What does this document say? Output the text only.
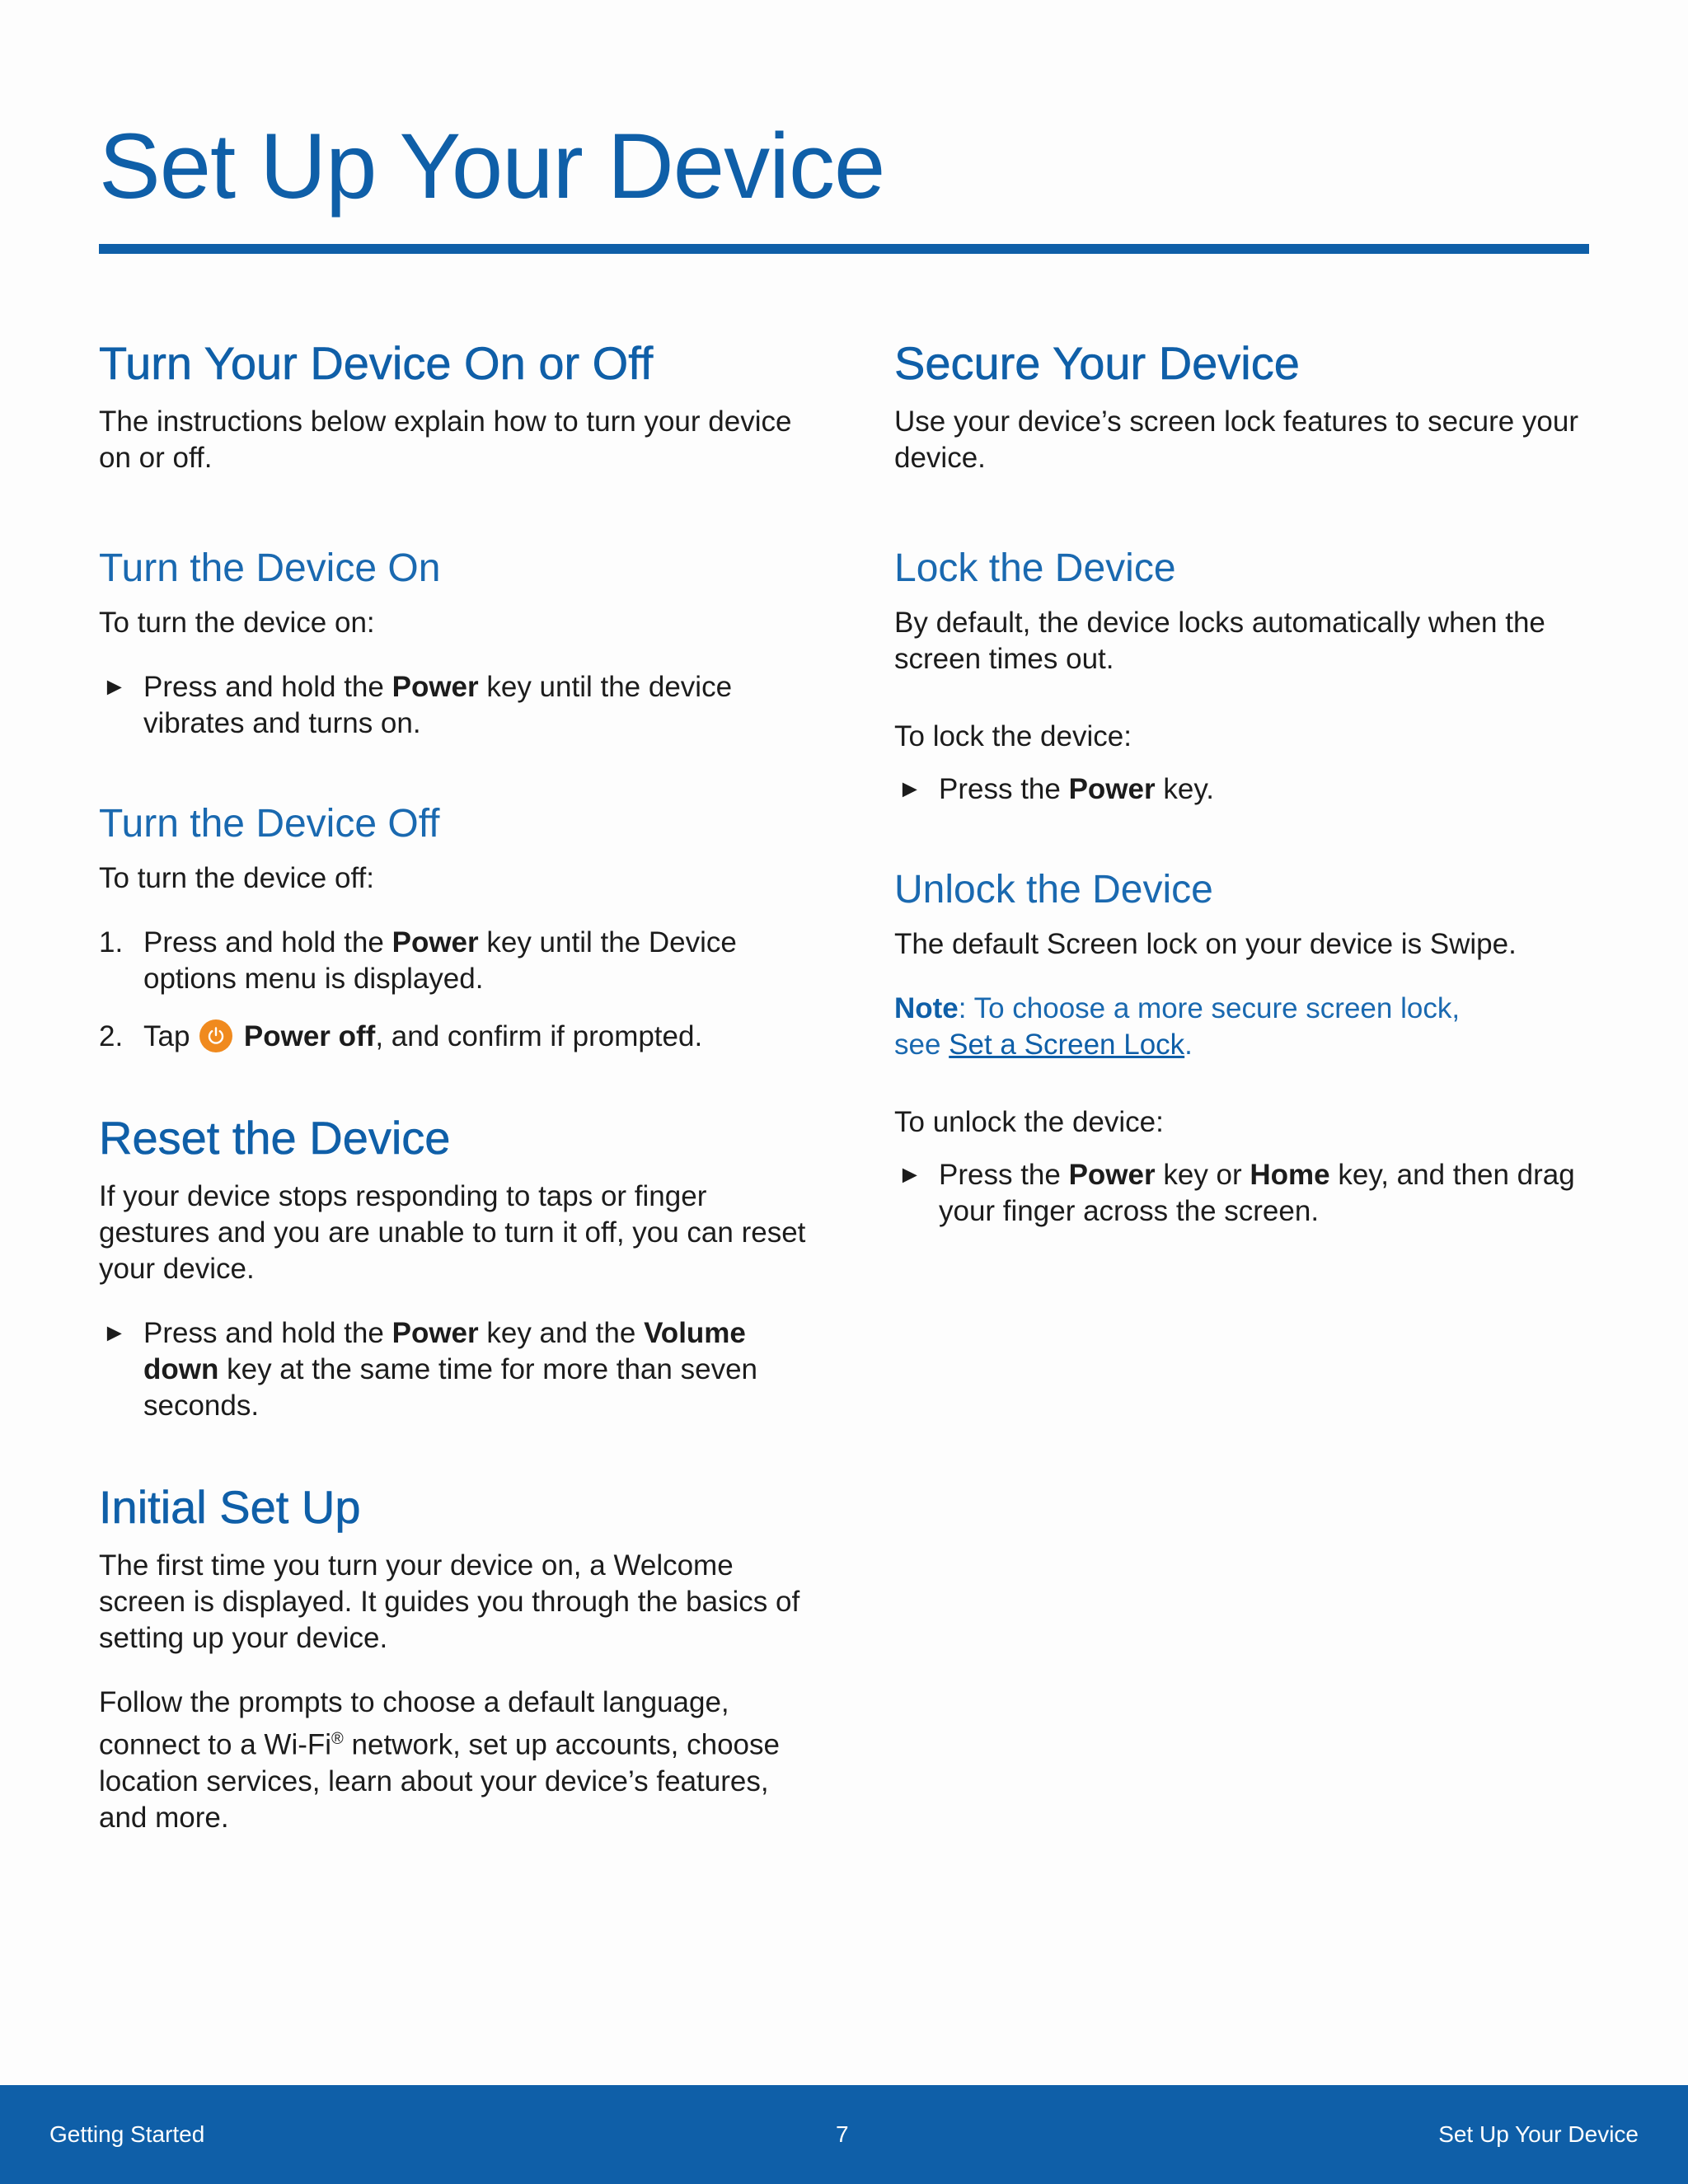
Set Up Your Device
Turn Your Device On or Off

The instructions below explain how to turn your device on or off.

Turn the Device On

To turn the device on:

► Press and hold the Power key until the device vibrates and turns on.
Turn the Device Off

To turn the device off:

1. Press and hold the Power key until the Device options menu is displayed.
2. Tap
Power off, and confirm if prompted.
Reset the Device

If your device stops responding to taps or finger gestures and you are unable to turn it off, you can reset your device.

► Press and hold the Power key and the Volume down key at the same time for more than seven seconds.
Initial Set Up

The first time you turn your device on, a Welcome screen is displayed. It guides you through the basics of setting up your device.

Follow the prompts to choose a default language, connect to a Wi-Fi® network, set up accounts, choose location services, learn about your device’s features, and more.

Secure Your Device

Use your device’s screen lock features to secure your device.

Lock the Device

By default, the device locks automatically when the screen times out.

To lock the device:

► Press the Power key.
Unlock the Device

The default Screen lock on your device is Swipe.

Note: To choose a more secure screen lock, see Set a Screen Lock.

To unlock the device:

► Press the Power key or Home key, and then drag your finger across the screen.
Getting Started	7	Set Up Your Device
